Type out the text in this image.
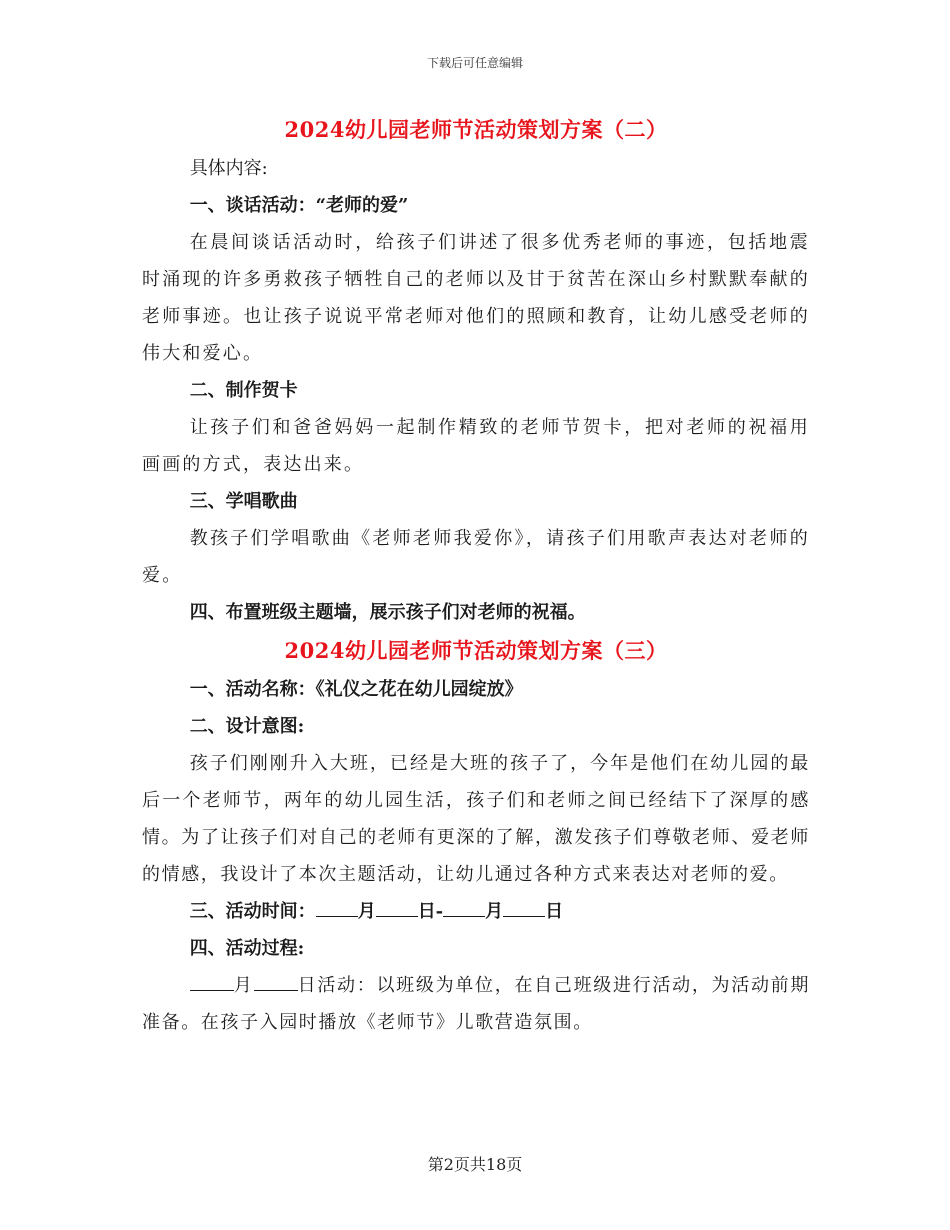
下载后可任意编辑
2024幼儿园老师节活动策划方案（二）

具体内容:

一、谈话活动：“老师的爱”

在晨间谈话活动时，给孩子们讲述了很多优秀老师的事迹，包括地震时涌现的许多勇救孩子牺牲自己的老师以及甘于贫苦在深山乡村默默奉献的老师事迹。也让孩子说说平常老师对他们的照顾和教育，让幼儿感受老师的伟大和爱心。

二、制作贺卡

让孩子们和爸爸妈妈一起制作精致的老师节贺卡，把对老师的祝福用画画的方式，表达出来。

三、学唱歌曲

教孩子们学唱歌曲《老师老师我爱你》，请孩子们用歌声表达对老师的爱。

四、布置班级主题墙，展示孩子们对老师的祝福。

2024幼儿园老师节活动策划方案（三）

一、活动名称：《礼仪之花在幼儿园绽放》

二、设计意图:

孩子们刚刚升入大班，已经是大班的孩子了，今年是他们在幼儿园的最后一个老师节，两年的幼儿园生活，孩子们和老师之间已经结下了深厚的感情。为了让孩子们对自己的老师有更深的了解，激发孩子们尊敬老师、爱老师的情感，我设计了本次主题活动，让幼儿通过各种方式来表达对老师的爱。

三、活动时间： 月 日- 月 日

四、活动过程:

月 日活动：以班级为单位，在自己班级进行活动，为活动前期准备。在孩子入园时播放《老师节》儿歌营造氛围。

第2页共18页
